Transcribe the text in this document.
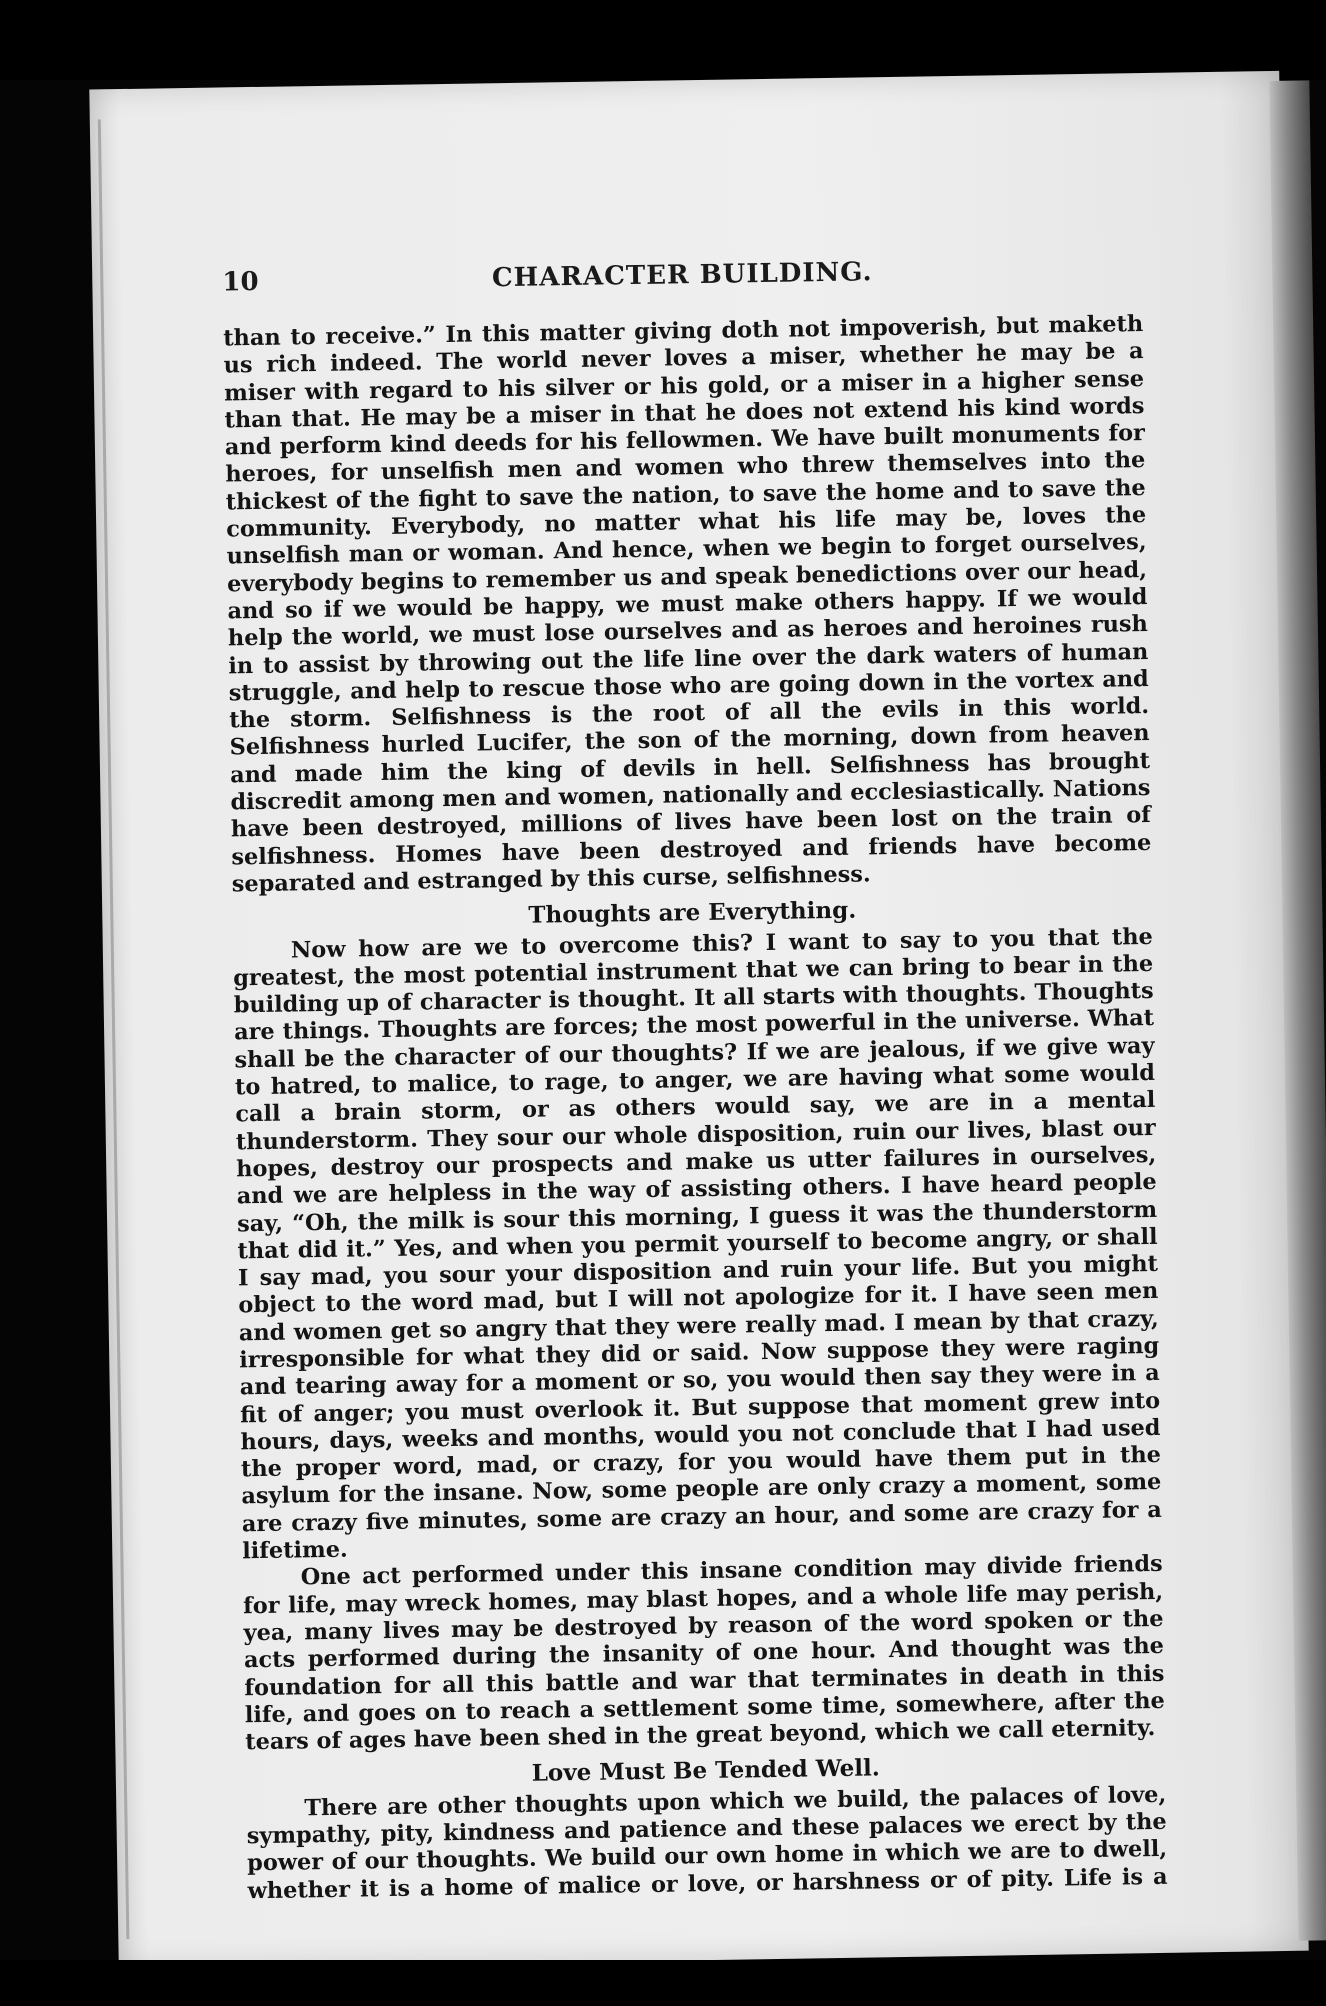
10	CHARACTER BUILDING.

than to receive.” In this matter giving doth not impoverish, but maketh us rich indeed. The world never loves a miser, whether he may be a miser with regard to his silver or his gold, or a miser in a higher sense than that. He may be a miser in that he does not extend his kind words and perform kind deeds for his fellowmen. We have built monuments for heroes, for unselfish men and women who threw themselves into the thickest of the fight to save the nation, to save the home and to save the community. Everybody, no matter what his life may be, loves the unselfish man or woman. And hence, when we begin to forget ourselves, everybody begins to remember us and speak benedictions over our head, and so if we would be happy, we must make others happy. If we would help the world, we must lose ourselves and as heroes and heroines rush in to assist by throwing out the life line over the dark waters of human struggle, and help to rescue those who are going down in the vortex and the storm. Selfishness is the root of all the evils in this world. Selfishness hurled Lucifer, the son of the morning, down from heaven and made him the king of devils in hell. Selfishness has brought discredit among men and women, nationally and ecclesiastically. Nations have been destroyed, millions of lives have been lost on the train of selfishness. Homes have been destroyed and friends have become separated and estranged by this curse, selfishness.

Thoughts are Everything.

Now how are we to overcome this? I want to say to you that the greatest, the most potential instrument that we can bring to bear in the building up of character is thought. It all starts with thoughts. Thoughts are things. Thoughts are forces; the most powerful in the universe. What shall be the character of our thoughts? If we are jealous, if we give way to hatred, to malice, to rage, to anger, we are having what some would call a brain storm, or as others would say, we are in a mental thunderstorm. They sour our whole disposition, ruin our lives, blast our hopes, destroy our prospects and make us utter failures in ourselves, and we are helpless in the way of assisting others. I have heard people say, “Oh, the milk is sour this morning, I guess it was the thunderstorm that did it.” Yes, and when you permit yourself to become angry, or shall I say mad, you sour your disposition and ruin your life. But you might object to the word mad, but I will not apologize for it. I have seen men and women get so angry that they were really mad. I mean by that crazy, irresponsible for what they did or said. Now suppose they were raging and tearing away for a moment or so, you would then say they were in a fit of anger; you must overlook it. But suppose that moment grew into hours, days, weeks and months, would you not conclude that I had used the proper word, mad, or crazy, for you would have them put in the asylum for the insane. Now, some people are only crazy a moment, some are crazy five minutes, some are crazy an hour, and some are crazy for a lifetime.

One act performed under this insane condition may divide friends for life, may wreck homes, may blast hopes, and a whole life may perish, yea, many lives may be destroyed by reason of the word spoken or the acts performed during the insanity of one hour. And thought was the foundation for all this battle and war that terminates in death in this life, and goes on to reach a settlement some time, somewhere, after the tears of ages have been shed in the great beyond, which we call eternity.

Love Must Be Tended Well.

There are other thoughts upon which we build, the palaces of love, sympathy, pity, kindness and patience and these palaces we erect by the power of our thoughts. We build our own home in which we are to dwell, whether it is a home of malice or love, or harshness or of pity. Life is a
